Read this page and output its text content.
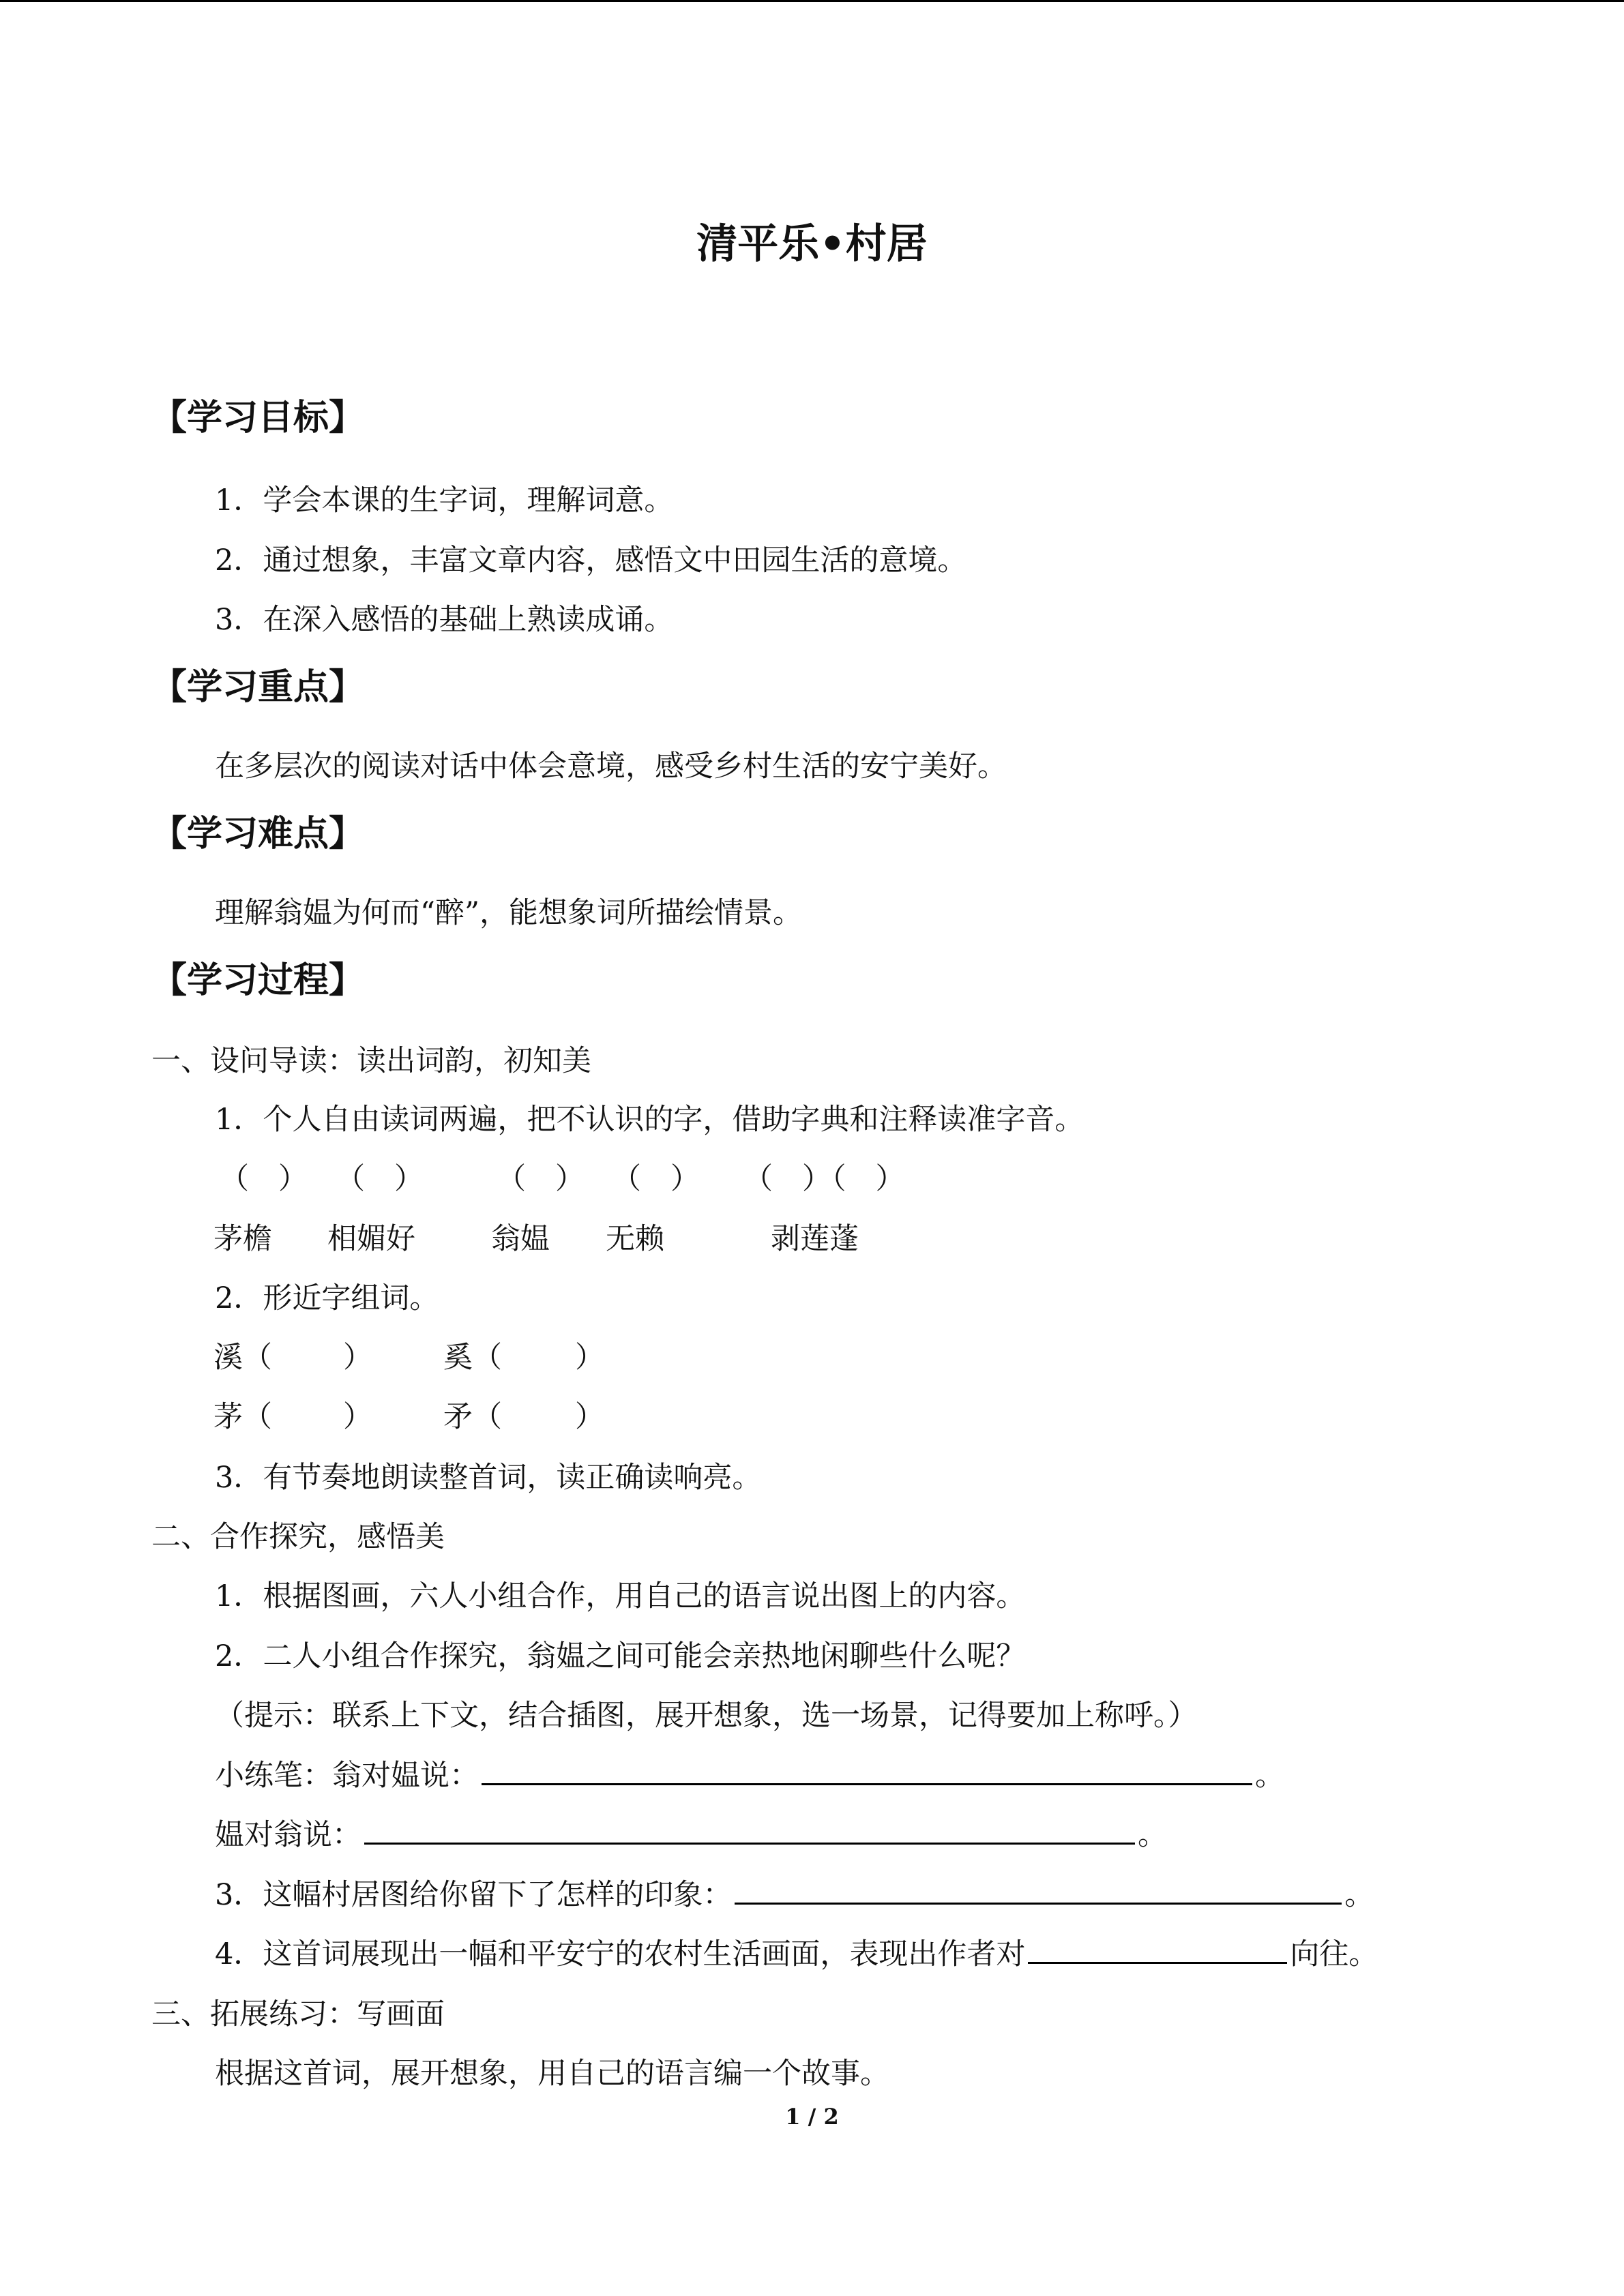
清平乐•村居
【学习目标】
1．学会本课的生字词，理解词意。
2．通过想象，丰富文章内容，感悟文中田园生活的意境。
3．在深入感悟的基础上熟读成诵。
【学习重点】
在多层次的阅读对话中体会意境，感受乡村生活的安宁美好。
【学习难点】
理解翁媪为何而“醉”，能想象词所描绘情景。
【学习过程】
一、设问导读：读出词韵，初知美
1．个人自由读词两遍，把不认识的字，借助字典和注释读准字音。
（　） （　） （　） （　） （　）（　）
茅檐 相媚好	翁媪 无赖	剥莲蓬
2．形近字组词。
溪（ ） 奚（ ）
茅（ ） 矛（ ）
3．有节奏地朗读整首词，读正确读响亮。
二、合作探究，感悟美
1．根据图画，六人小组合作，用自己的语言说出图上的内容。
2．二人小组合作探究，翁媪之间可能会亲热地闲聊些什么呢？
（提示：联系上下文，结合插图，展开想象，选一场景，记得要加上称呼。）
小练笔：翁对媪说：	。
媪对翁说：	。
3．这幅村居图给你留下了怎样的印象：	。
4．这首词展现出一幅和平安宁的农村生活画面，表现出作者对	向往。
三、拓展练习：写画面
根据这首词，展开想象，用自己的语言编一个故事。
1 / 2
